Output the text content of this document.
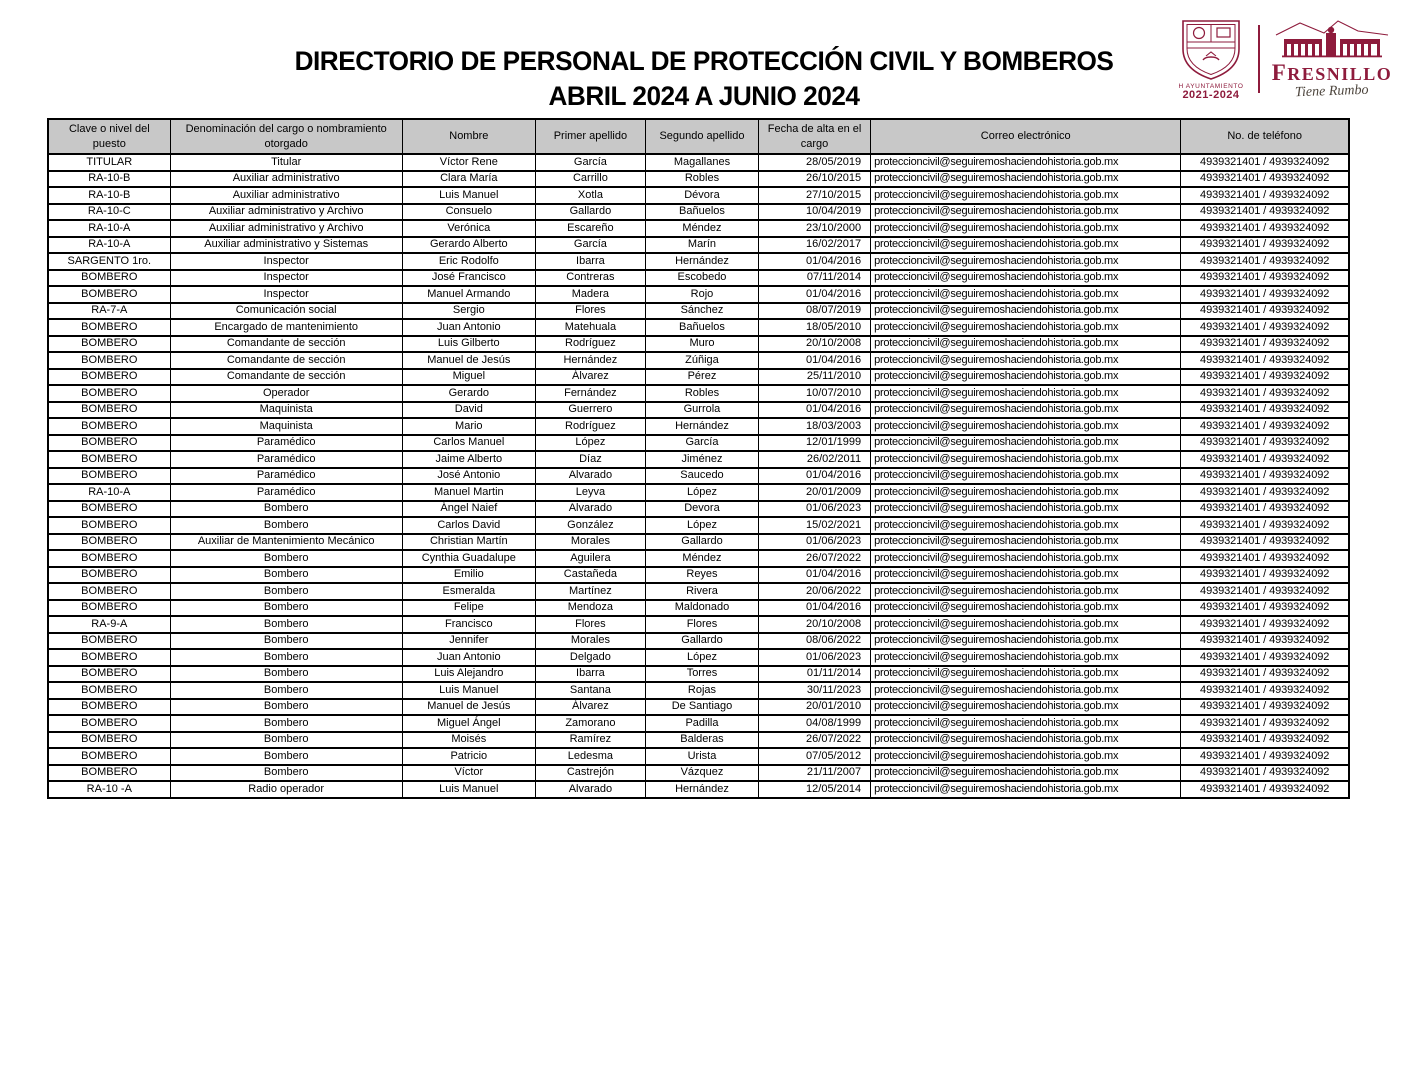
DIRECTORIO DE PERSONAL DE PROTECCIÓN CIVIL Y BOMBEROS
ABRIL 2024 A JUNIO 2024	H AYUNTAMIENTO
2021-2024
FRESNILLO
Tiene Rumbo
Clave o nivel del puesto	Denominación del cargo o nombramiento otorgado	Nombre	Primer apellido	Segundo apellido	Fecha de alta en el cargo	Correo electrónico	No. de teléfono
TITULAR	Titular	Víctor Rene	García	Magallanes	28/05/2019	proteccioncivil@seguiremoshaciendohistoria.gob.mx	4939321401 / 4939324092
RA-10-B	Auxiliar administrativo	Clara María	Carrillo	Robles	26/10/2015	proteccioncivil@seguiremoshaciendohistoria.gob.mx	4939321401 / 4939324092
RA-10-B	Auxiliar administrativo	Luis Manuel	Xotla	Dévora	27/10/2015	proteccioncivil@seguiremoshaciendohistoria.gob.mx	4939321401 / 4939324092
RA-10-C	Auxiliar administrativo y Archivo	Consuelo	Gallardo	Bañuelos	10/04/2019	proteccioncivil@seguiremoshaciendohistoria.gob.mx	4939321401 / 4939324092
RA-10-A	Auxiliar administrativo y Archivo	Verónica	Escareño	Méndez	23/10/2000	proteccioncivil@seguiremoshaciendohistoria.gob.mx	4939321401 / 4939324092
RA-10-A	Auxiliar administrativo y Sistemas	Gerardo Alberto	García	Marín	16/02/2017	proteccioncivil@seguiremoshaciendohistoria.gob.mx	4939321401 / 4939324092
SARGENTO 1ro.	Inspector	Eric Rodolfo	Ibarra	Hernández	01/04/2016	proteccioncivil@seguiremoshaciendohistoria.gob.mx	4939321401 / 4939324092
BOMBERO	Inspector	José Francisco	Contreras	Escobedo	07/11/2014	proteccioncivil@seguiremoshaciendohistoria.gob.mx	4939321401 / 4939324092
BOMBERO	Inspector	Manuel Armando	Madera	Rojo	01/04/2016	proteccioncivil@seguiremoshaciendohistoria.gob.mx	4939321401 / 4939324092
RA-7-A	Comunicación social	Sergio	Flores	Sánchez	08/07/2019	proteccioncivil@seguiremoshaciendohistoria.gob.mx	4939321401 / 4939324092
BOMBERO	Encargado de mantenimiento	Juan Antonio	Matehuala	Bañuelos	18/05/2010	proteccioncivil@seguiremoshaciendohistoria.gob.mx	4939321401 / 4939324092
BOMBERO	Comandante de sección	Luis Gilberto	Rodríguez	Muro	20/10/2008	proteccioncivil@seguiremoshaciendohistoria.gob.mx	4939321401 / 4939324092
BOMBERO	Comandante de sección	Manuel de Jesús	Hernández	Zúñiga	01/04/2016	proteccioncivil@seguiremoshaciendohistoria.gob.mx	4939321401 / 4939324092
BOMBERO	Comandante de sección	Miguel	Álvarez	Pérez	25/11/2010	proteccioncivil@seguiremoshaciendohistoria.gob.mx	4939321401 / 4939324092
BOMBERO	Operador	Gerardo	Fernández	Robles	10/07/2010	proteccioncivil@seguiremoshaciendohistoria.gob.mx	4939321401 / 4939324092
BOMBERO	Maquinista	David	Guerrero	Gurrola	01/04/2016	proteccioncivil@seguiremoshaciendohistoria.gob.mx	4939321401 / 4939324092
BOMBERO	Maquinista	Mario	Rodríguez	Hernández	18/03/2003	proteccioncivil@seguiremoshaciendohistoria.gob.mx	4939321401 / 4939324092
BOMBERO	Paramédico	Carlos Manuel	López	García	12/01/1999	proteccioncivil@seguiremoshaciendohistoria.gob.mx	4939321401 / 4939324092
BOMBERO	Paramédico	Jaime Alberto	Díaz	Jiménez	26/02/2011	proteccioncivil@seguiremoshaciendohistoria.gob.mx	4939321401 / 4939324092
BOMBERO	Paramédico	José Antonio	Alvarado	Saucedo	01/04/2016	proteccioncivil@seguiremoshaciendohistoria.gob.mx	4939321401 / 4939324092
RA-10-A	Paramédico	Manuel Martin	Leyva	López	20/01/2009	proteccioncivil@seguiremoshaciendohistoria.gob.mx	4939321401 / 4939324092
BOMBERO	Bombero	Ángel Naief	Alvarado	Devora	01/06/2023	proteccioncivil@seguiremoshaciendohistoria.gob.mx	4939321401 / 4939324092
BOMBERO	Bombero	Carlos David	González	López	15/02/2021	proteccioncivil@seguiremoshaciendohistoria.gob.mx	4939321401 / 4939324092
BOMBERO	Auxiliar de Mantenimiento Mecánico	Christian Martín	Morales	Gallardo	01/06/2023	proteccioncivil@seguiremoshaciendohistoria.gob.mx	4939321401 / 4939324092
BOMBERO	Bombero	Cynthia Guadalupe	Aguilera	Méndez	26/07/2022	proteccioncivil@seguiremoshaciendohistoria.gob.mx	4939321401 / 4939324092
BOMBERO	Bombero	Emilio	Castañeda	Reyes	01/04/2016	proteccioncivil@seguiremoshaciendohistoria.gob.mx	4939321401 / 4939324092
BOMBERO	Bombero	Esmeralda	Martínez	Rivera	20/06/2022	proteccioncivil@seguiremoshaciendohistoria.gob.mx	4939321401 / 4939324092
BOMBERO	Bombero	Felipe	Mendoza	Maldonado	01/04/2016	proteccioncivil@seguiremoshaciendohistoria.gob.mx	4939321401 / 4939324092
RA-9-A	Bombero	Francisco	Flores	Flores	20/10/2008	proteccioncivil@seguiremoshaciendohistoria.gob.mx	4939321401 / 4939324092
BOMBERO	Bombero	Jennifer	Morales	Gallardo	08/06/2022	proteccioncivil@seguiremoshaciendohistoria.gob.mx	4939321401 / 4939324092
BOMBERO	Bombero	Juan Antonio	Delgado	López	01/06/2023	proteccioncivil@seguiremoshaciendohistoria.gob.mx	4939321401 / 4939324092
BOMBERO	Bombero	Luis Alejandro	Ibarra	Torres	01/11/2014	proteccioncivil@seguiremoshaciendohistoria.gob.mx	4939321401 / 4939324092
BOMBERO	Bombero	Luis Manuel	Santana	Rojas	30/11/2023	proteccioncivil@seguiremoshaciendohistoria.gob.mx	4939321401 / 4939324092
BOMBERO	Bombero	Manuel de Jesús	Álvarez	De Santiago	20/01/2010	proteccioncivil@seguiremoshaciendohistoria.gob.mx	4939321401 / 4939324092
BOMBERO	Bombero	Miguel Ángel	Zamorano	Padilla	04/08/1999	proteccioncivil@seguiremoshaciendohistoria.gob.mx	4939321401 / 4939324092
BOMBERO	Bombero	Moisés	Ramírez	Balderas	26/07/2022	proteccioncivil@seguiremoshaciendohistoria.gob.mx	4939321401 / 4939324092
BOMBERO	Bombero	Patricio	Ledesma	Urista	07/05/2012	proteccioncivil@seguiremoshaciendohistoria.gob.mx	4939321401 / 4939324092
BOMBERO	Bombero	Víctor	Castrejón	Vázquez	21/11/2007	proteccioncivil@seguiremoshaciendohistoria.gob.mx	4939321401 / 4939324092
RA-10 -A	Radio operador	Luis Manuel	Alvarado	Hernández	12/05/2014	proteccioncivil@seguiremoshaciendohistoria.gob.mx	4939321401 / 4939324092
